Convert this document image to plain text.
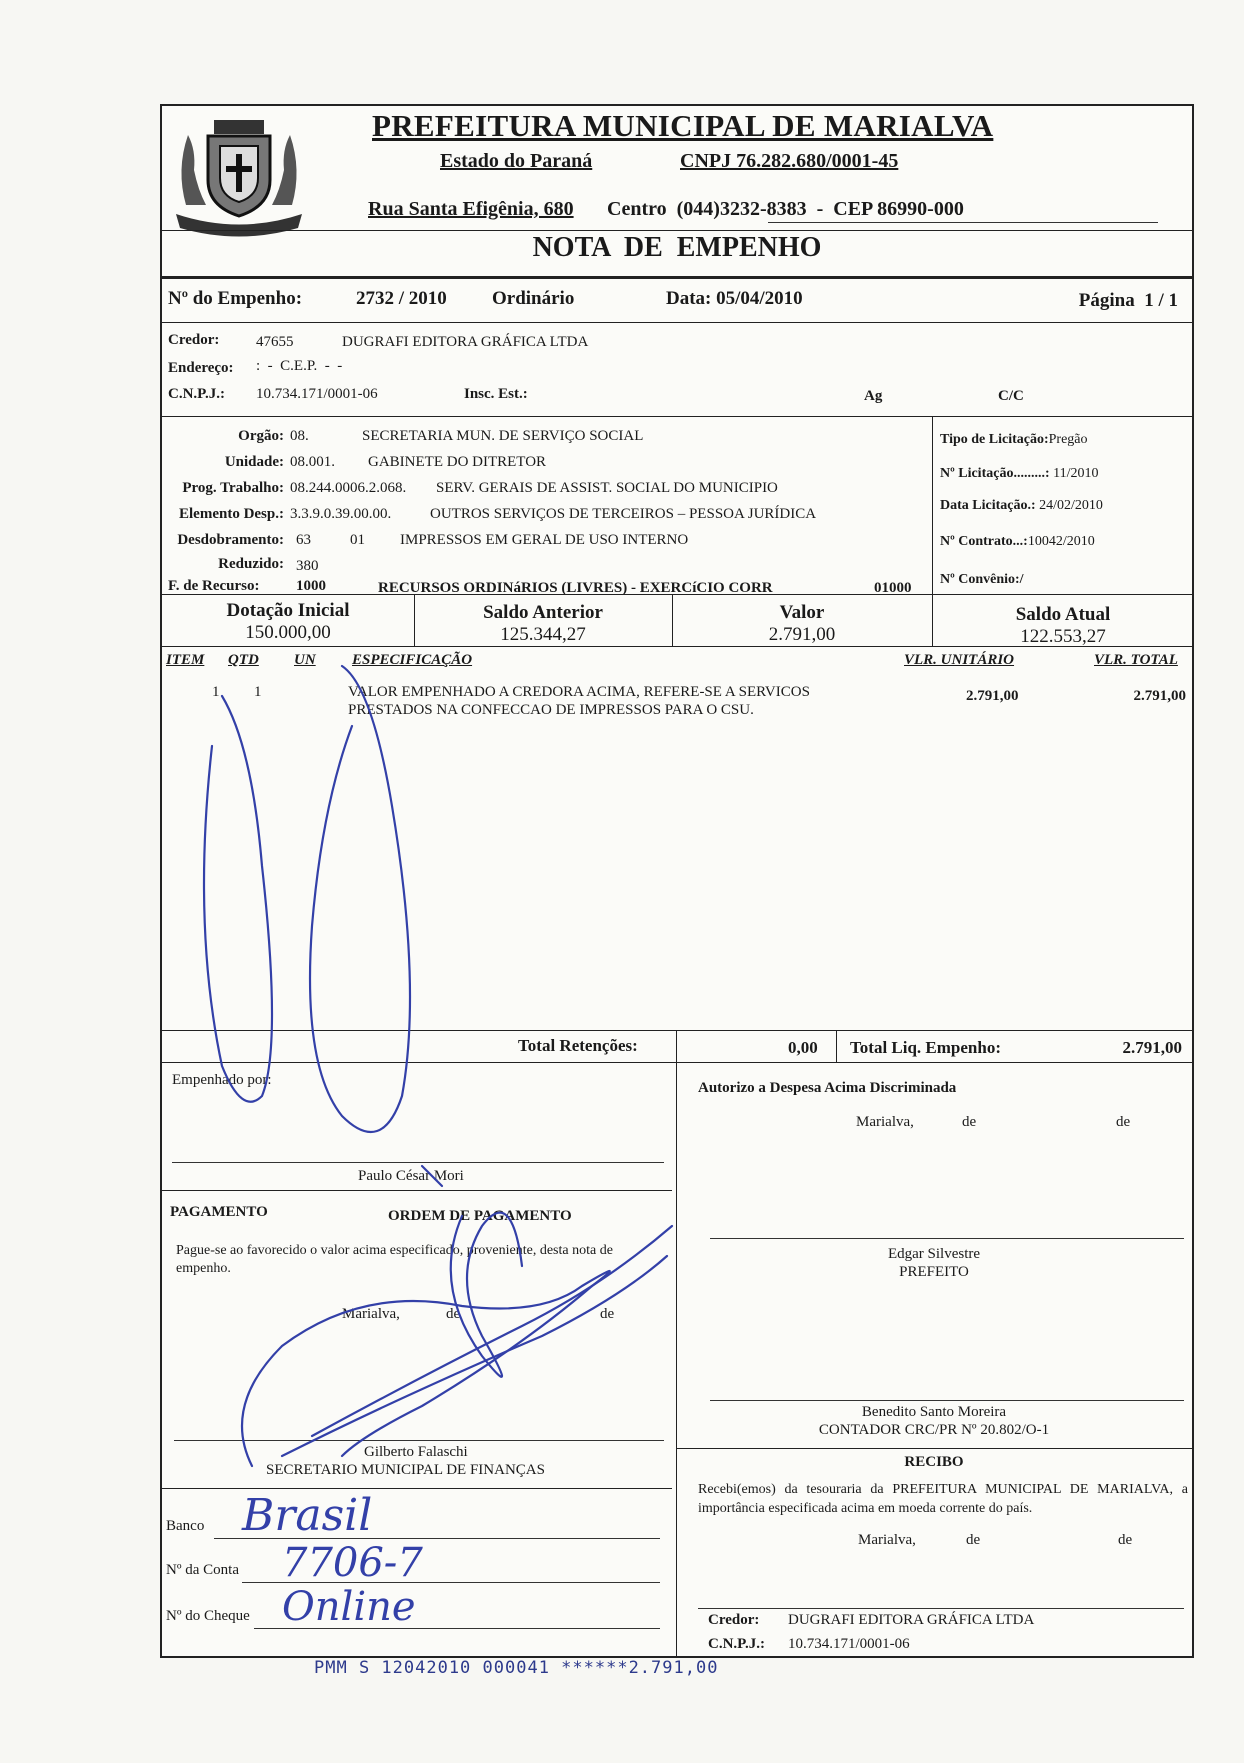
PREFEITURA MUNICIPAL DE MARIALVA
Estado do Paraná	CNPJ 76.282.680/0001-45
Rua Santa Efigênia, 680 Centro  (044)3232-8383  -  CEP 86990-000
NOTA  DE  EMPENHO
Nº do Empenho:	2732 / 2010 Ordinário	Data: 05/04/2010	Página  1 / 1
Credor: 47655	DUGRAFI EDITORA GRÁFICA LTDA
Endereço: :  -  C.E.P.  -  -
C.N.P.J.: 10.734.171/0001-06	Insc. Est.:	Ag	C/C
Orgão: 08.	SECRETARIA MUN. DE SERVIÇO SOCIAL
Unidade: 08.001. GABINETE DO DITRETOR
Prog. Trabalho: 08.244.0006.2.068. SERV. GERAIS DE ASSIST. SOCIAL DO MUNICIPIO
Elemento Desp.: 3.3.9.0.39.00.00.	OUTROS SERVIÇOS DE TERCEIROS – PESSOA JURÍDICA
Desdobramento: 63	01 IMPRESSOS EM GERAL DE USO INTERNO
Reduzido: 380
F. de Recurso: 1000	RECURSOS ORDINáRIOS (LIVRES) - EXERCíCIO CORR	01000
Tipo de Licitação:Pregão
Nº Licitação.........: 11/2010
Data Licitação.: 24/02/2010
Nº Contrato...:10042/2010
Nº Convênio:/
Dotação Inicial
150.000,00
Saldo Anterior
125.344,27
Valor
2.791,00
Saldo Atual
122.553,27
ITEM QTD UN ESPECIFICAÇÃO	VLR. UNITÁRIO	VLR. TOTAL
1 1	VALOR EMPENHADO A CREDORA ACIMA, REFERE-SE A SERVICOS
PRESTADOS NA CONFECCAO DE IMPRESSOS PARA O CSU.
2.791,00	2.791,00
Total Retenções:	0,00 Total Liq. Empenho:	2.791,00
Empenhado por:
Paulo César Mori
PAGAMENTO	ORDEM DE PAGAMENTO
Pague-se ao favorecido o valor acima especificado, proveniente, desta nota de empenho.
Marialva,	de	de
Gilberto Falaschi
SECRETARIO MUNICIPAL DE FINANÇAS
Banco Brasil
Nº da Conta 7706-7
Nº do Cheque Online
Autorizo a Despesa Acima Discriminada
Marialva,	de	de
Edgar Silvestre
PREFEITO
Benedito Santo Moreira
CONTADOR CRC/PR Nº 20.802/O-1
RECIBO
Recebi(emos) da tesouraria da PREFEITURA MUNICIPAL DE MARIALVA, a importância especificada acima em moeda corrente do país.
Marialva,	de	de
Credor: DUGRAFI EDITORA GRÁFICA LTDA
C.N.P.J.: 10.734.171/0001-06
PMM S 12042010 000041 ******2.791,00
